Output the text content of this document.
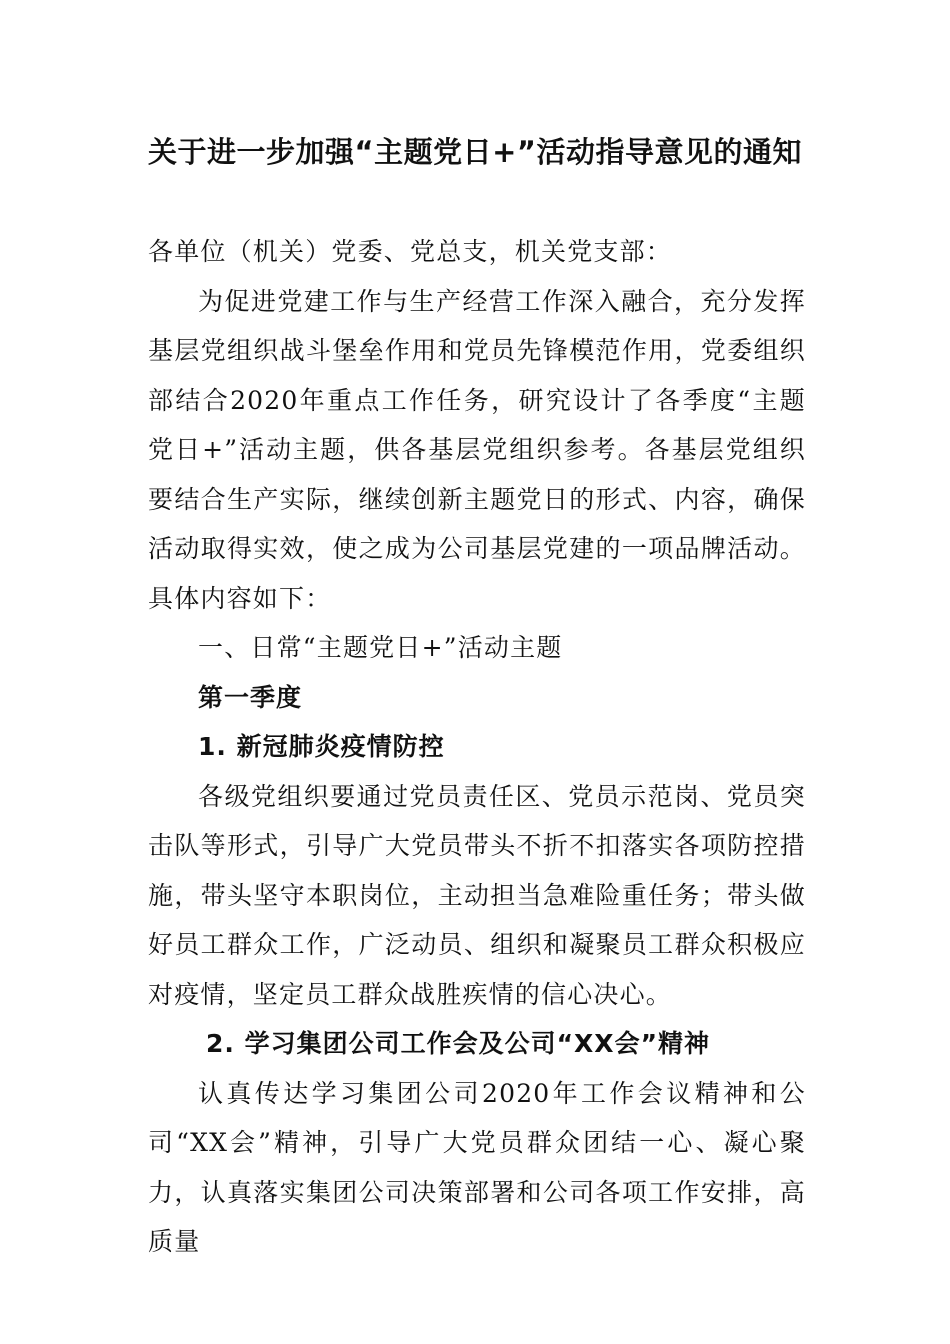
关于进一步加强“主题党日+”活动指导意见的通知

各单位（机关）党委、党总支，机关党支部：

为促进党建工作与生产经营工作深入融合，充分发挥基层党组织战斗堡垒作用和党员先锋模范作用，党委组织部结合2020年重点工作任务，研究设计了各季度“主题党日+”活动主题，供各基层党组织参考。各基层党组织要结合生产实际，继续创新主题党日的形式、内容，确保活动取得实效，使之成为公司基层党建的一项品牌活动。具体内容如下：

一、日常“主题党日+”活动主题

第一季度

1. 新冠肺炎疫情防控

各级党组织要通过党员责任区、党员示范岗、党员突击队等形式，引导广大党员带头不折不扣落实各项防控措施，带头坚守本职岗位，主动担当急难险重任务；带头做好员工群众工作，广泛动员、组织和凝聚员工群众积极应对疫情，坚定员工群众战胜疾情的信心决心。

2. 学习集团公司工作会及公司“XX会”精神

认真传达学习集团公司2020年工作会议精神和公司“XX会”精神，引导广大党员群众团结一心、凝心聚力，认真落实集团公司决策部署和公司各项工作安排，高质量
